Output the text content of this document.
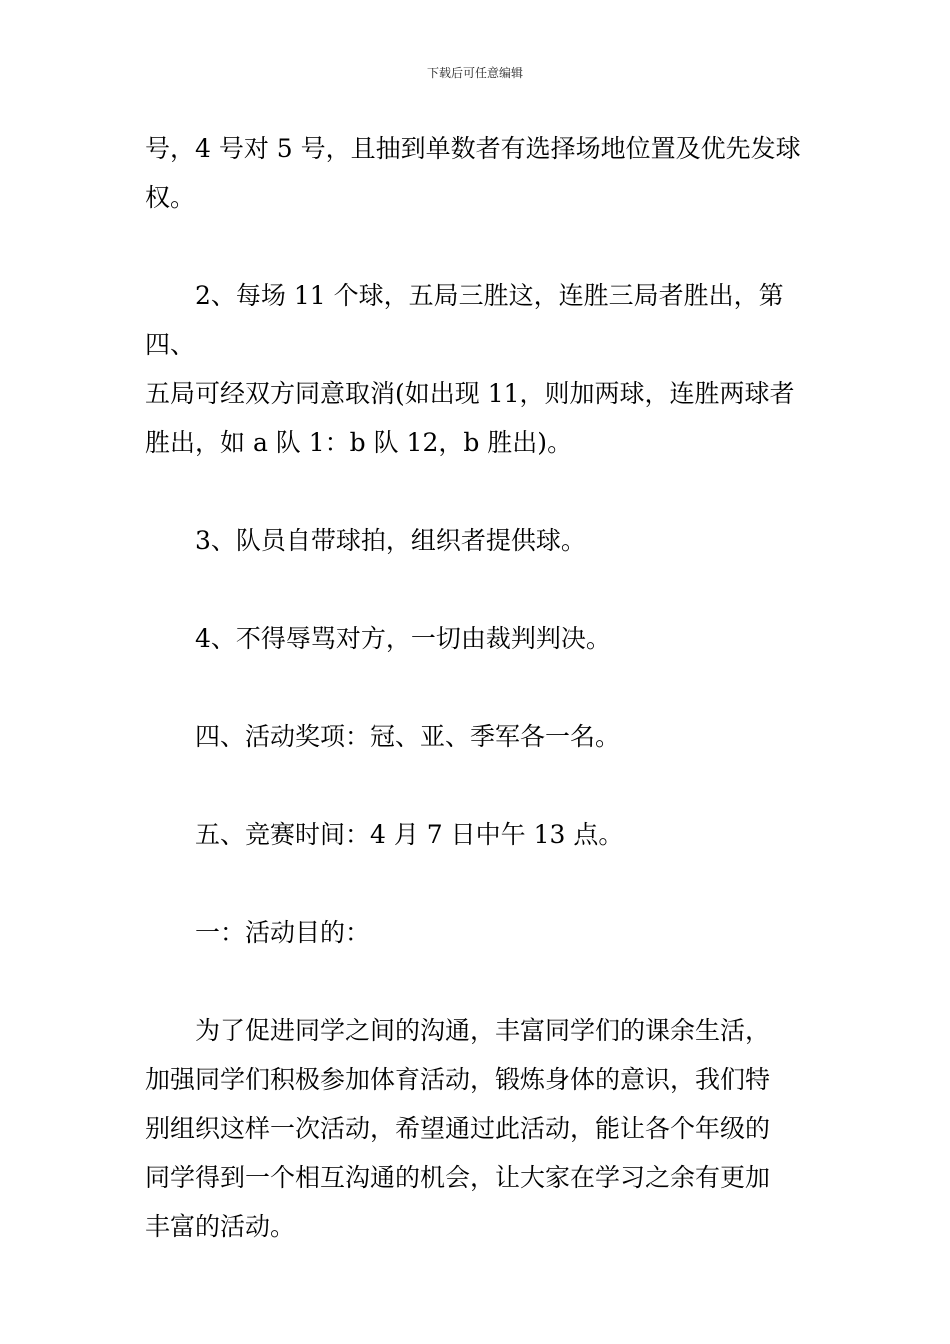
下载后可任意编辑

号，4 号对 5 号，且抽到单数者有选择场地位置及优先发球
权。

2、每场 11 个球，五局三胜这，连胜三局者胜出，第四、
五局可经双方同意取消(如出现 11，则加两球，连胜两球者
胜出，如 a 队 1：b 队 12，b 胜出)。

3、队员自带球拍，组织者提供球。

4、不得辱骂对方，一切由裁判判决。

四、活动奖项：冠、亚、季军各一名。

五、竞赛时间：4 月 7 日中午 13 点。

一：活动目的：

为了促进同学之间的沟通，丰富同学们的课余生活，
加强同学们积极参加体育活动，锻炼身体的意识，我们特
别组织这样一次活动，希望通过此活动，能让各个年级的
同学得到一个相互沟通的机会，让大家在学习之余有更加
丰富的活动。
